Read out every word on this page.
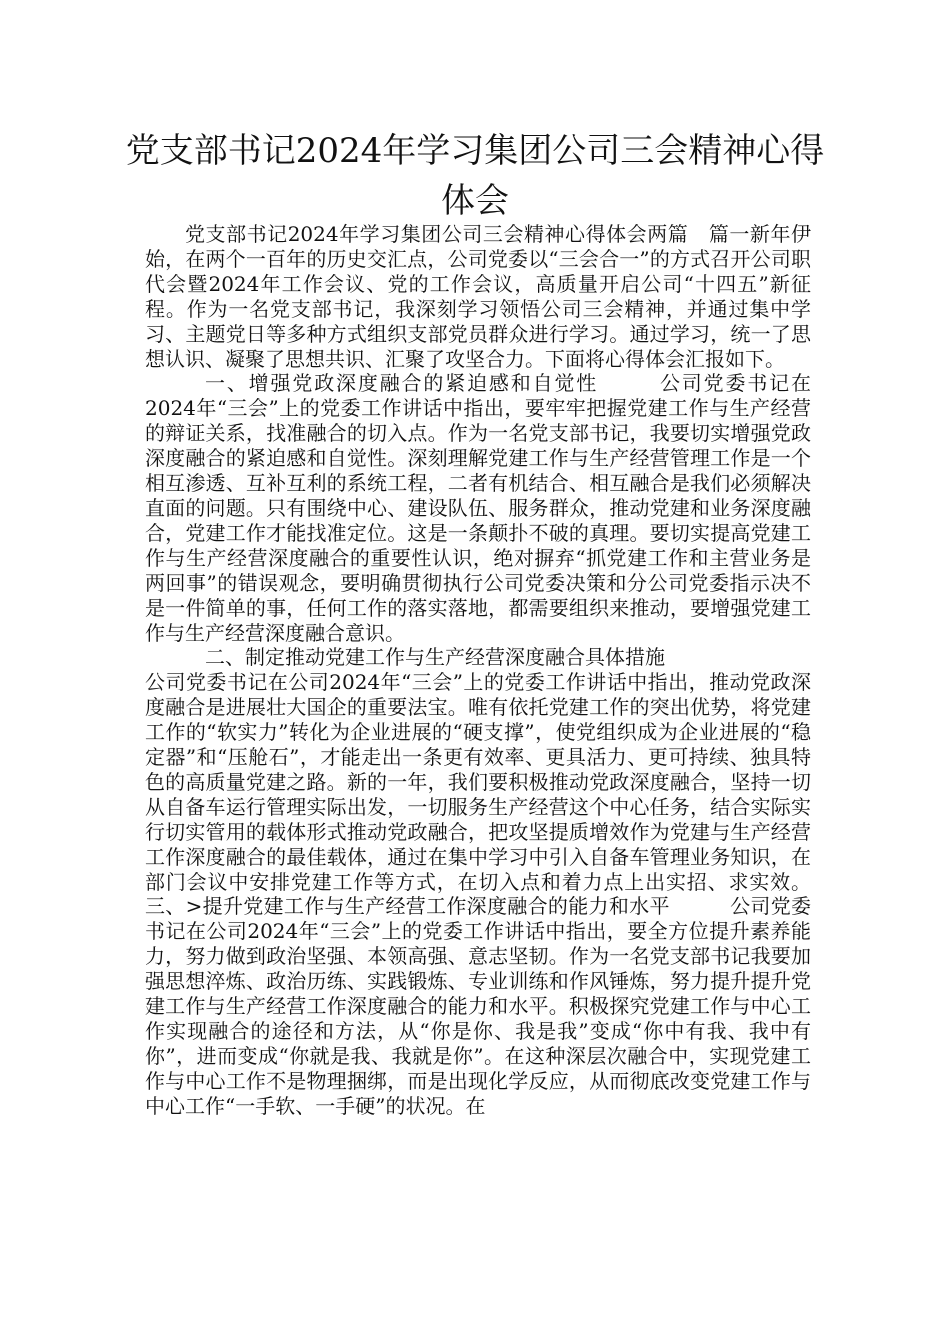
党支部书记2024年学习集团公司三会精神心得体会

党支部书记2024年学习集团公司三会精神心得体会两篇　篇一新年伊始，在两个一百年的历史交汇点，公司党委以“三会合一”的方式召开公司职代会暨2024年工作会议、党的工作会议，高质量开启公司“十四五”新征程。作为一名党支部书记，我深刻学习领悟公司三会精神，并通过集中学习、主题党日等多种方式组织支部党员群众进行学习。通过学习，统一了思想认识、凝聚了思想共识、汇聚了攻坚合力。下面将心得体会汇报如下。

一、增强党政深度融合的紧迫感和自觉性	公司党委书记在2024年“三会”上的党委工作讲话中指出，要牢牢把握党建工作与生产经营的辩证关系，找准融合的切入点。作为一名党支部书记，我要切实增强党政深度融合的紧迫感和自觉性。深刻理解党建工作与生产经营管理工作是一个相互渗透、互补互利的系统工程，二者有机结合、相互融合是我们必须解决直面的问题。只有围绕中心、建设队伍、服务群众，推动党建和业务深度融合，党建工作才能找准定位。这是一条颠扑不破的真理。要切实提高党建工作与生产经营深度融合的重要性认识，绝对摒弃“抓党建工作和主营业务是两回事”的错误观念，要明确贯彻执行公司党委决策和分公司党委指示决不是一件简单的事，任何工作的落实落地，都需要组织来推动，要增强党建工作与生产经营深度融合意识。

二、制定推动党建工作与生产经营深度融合具体措施

公司党委书记在公司2024年“三会”上的党委工作讲话中指出，推动党政深度融合是进展壮大国企的重要法宝。唯有依托党建工作的突出优势，将党建工作的“软实力”转化为企业进展的“硬支撑”，使党组织成为企业进展的“稳定器”和“压舱石”，才能走出一条更有效率、更具活力、更可持续、独具特色的高质量党建之路。新的一年，我们要积极推动党政深度融合，坚持一切从自备车运行管理实际出发，一切服务生产经营这个中心任务，结合实际实行切实管用的载体形式推动党政融合，把攻坚提质增效作为党建与生产经营工作深度融合的最佳载体，通过在集中学习中引入自备车管理业务知识，在部门会议中安排党建工作等方式，在切入点和着力点上出实招、求实效。三、>提升党建工作与生产经营工作深度融合的能力和水平	公司党委书记在公司2024年“三会”上的党委工作讲话中指出，要全方位提升素养能力，努力做到政治坚强、本领高强、意志坚韧。作为一名党支部书记我要加强思想淬炼、政治历练、实践锻炼、专业训练和作风锤炼，努力提升提升党建工作与生产经营工作深度融合的能力和水平。积极探究党建工作与中心工作实现融合的途径和方法，从“你是你、我是我”变成“你中有我、我中有你”，进而变成“你就是我、我就是你”。在这种深层次融合中，实现党建工作与中心工作不是物理捆绑，而是出现化学反应，从而彻底改变党建工作与中心工作“一手软、一手硬”的状况。在
